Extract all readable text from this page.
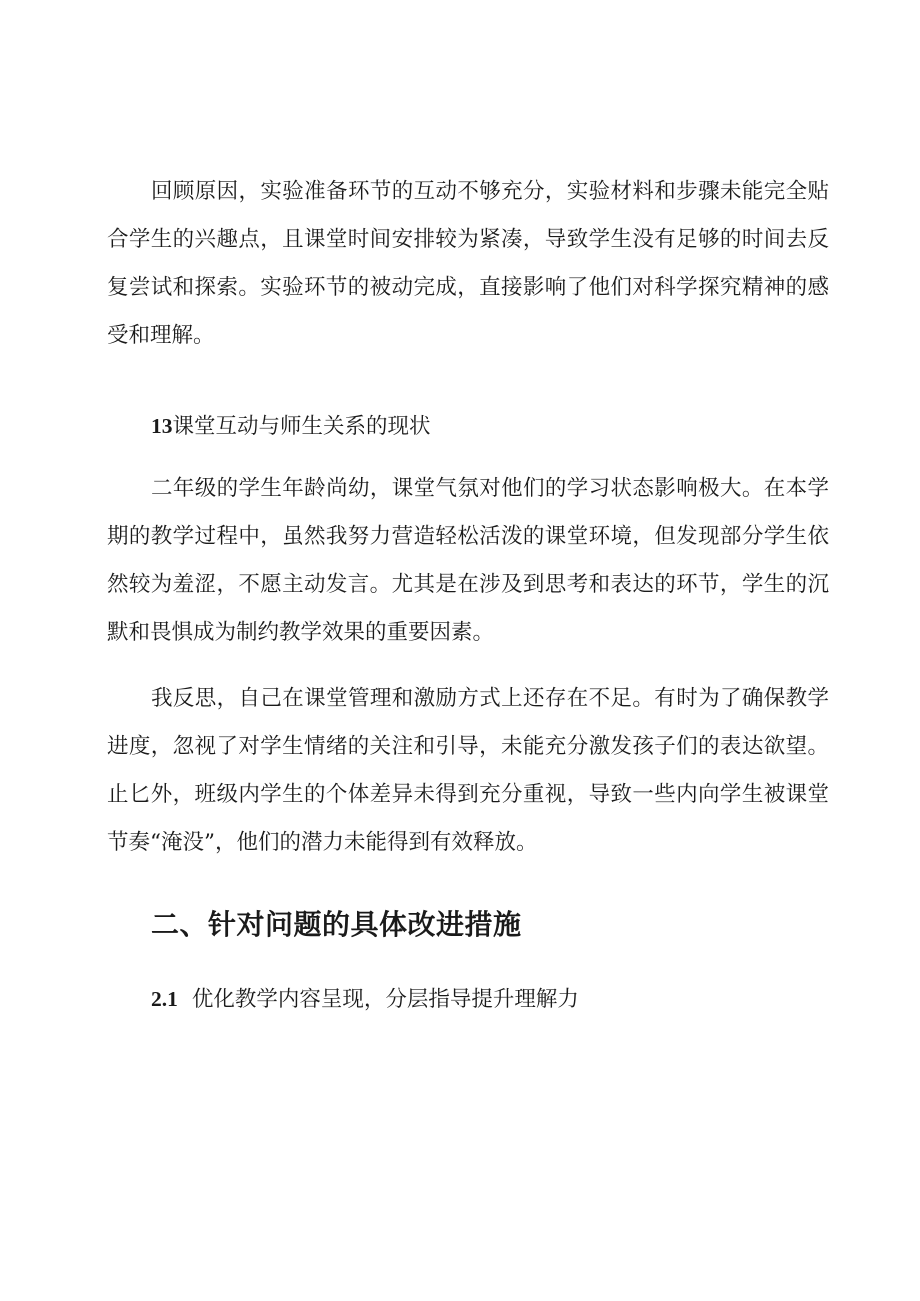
回顾原因，实验准备环节的互动不够充分，实验材料和步骤未能完全贴合学生的兴趣点，且课堂时间安排较为紧凑，导致学生没有足够的时间去反复尝试和探索。实验环节的被动完成，直接影响了他们对科学探究精神的感受和理解。

13课堂互动与师生关系的现状

二年级的学生年龄尚幼，课堂气氛对他们的学习状态影响极大。在本学期的教学过程中，虽然我努力营造轻松活泼的课堂环境，但发现部分学生依然较为羞涩，不愿主动发言。尤其是在涉及到思考和表达的环节，学生的沉默和畏惧成为制约教学效果的重要因素。

我反思，自己在课堂管理和激励方式上还存在不足。有时为了确保教学进度，忽视了对学生情绪的关注和引导，未能充分激发孩子们的表达欲望。止匕外，班级内学生的个体差异未得到充分重视，导致一些内向学生被课堂节奏“淹没”，他们的潜力未能得到有效释放。

二、针对问题的具体改进措施

2.1 优化教学内容呈现，分层指导提升理解力
